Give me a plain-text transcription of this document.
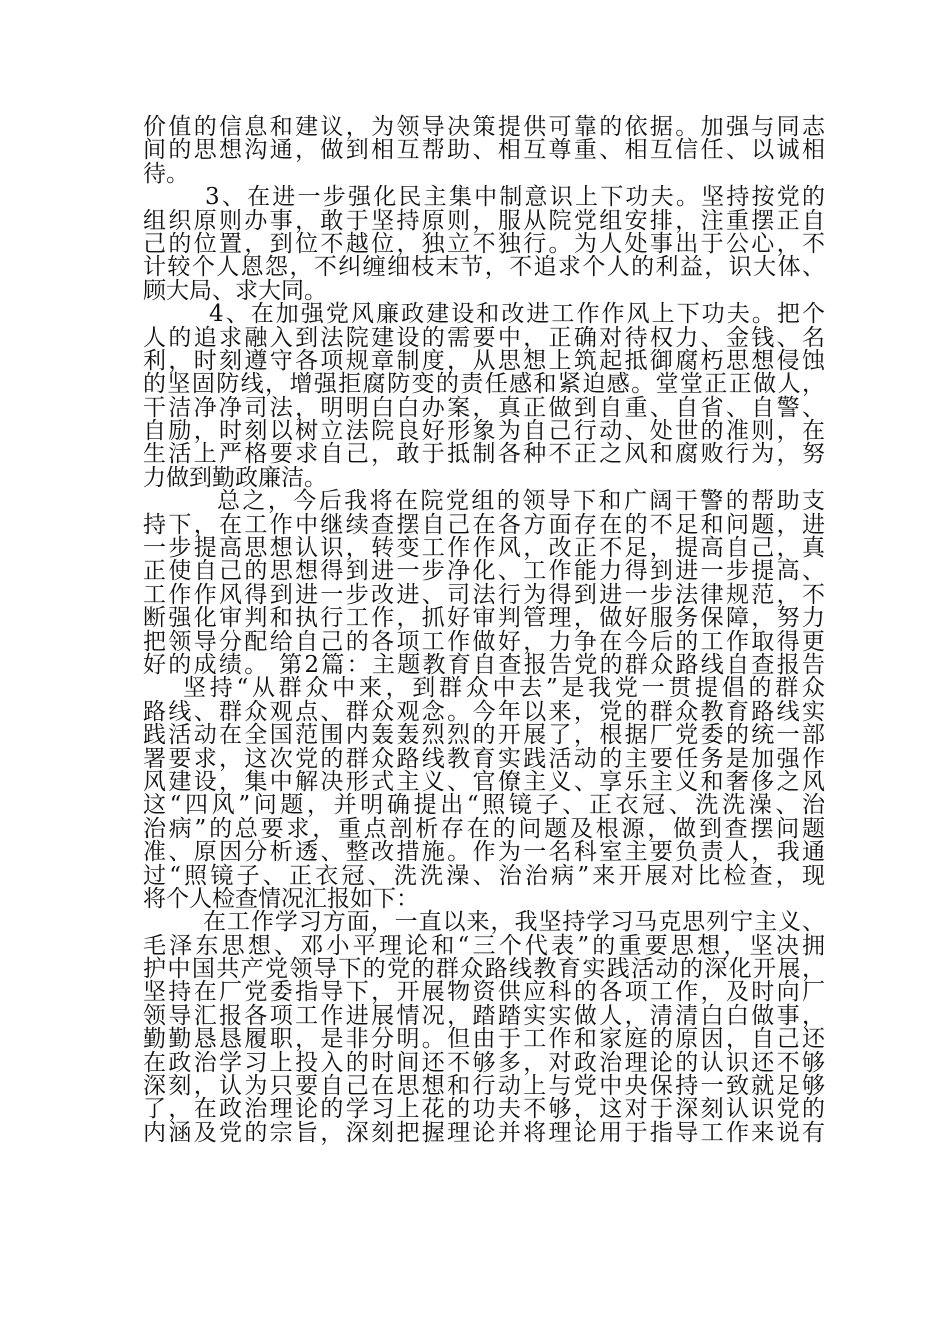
价值的信息和建议，为领导决策提供可靠的依据。加强与同志
间的思想沟通，做到相互帮助、相互尊重、相互信任、以诚相
待。
3、在进一步强化民主集中制意识上下功夫。坚持按党的
组织原则办事，敢于坚持原则，服从院党组安排，注重摆正自
己的位置，到位不越位，独立不独行。为人处事出于公心，不
计较个人恩怨，不纠缠细枝末节，不追求个人的利益，识大体、
顾大局、求大同。
4、在加强党风廉政建设和改进工作作风上下功夫。把个
人的追求融入到法院建设的需要中，正确对待权力、金钱、名
利，时刻遵守各项规章制度，从思想上筑起抵御腐朽思想侵蚀
的坚固防线，增强拒腐防变的责任感和紧迫感。堂堂正正做人，
干洁净净司法，明明白白办案，真正做到自重、自省、自警、
自励，时刻以树立法院良好形象为自己行动、处世的准则，在
生活上严格要求自己，敢于抵制各种不正之风和腐败行为，努
力做到勤政廉洁。
总之，今后我将在院党组的领导下和广阔干警的帮助支
持下，在工作中继续查摆自己在各方面存在的不足和问题，进
一步提高思想认识，转变工作作风，改正不足，提高自己，真
正使自己的思想得到进一步净化、工作能力得到进一步提高、
工作作风得到进一步改进、司法行为得到进一步法律规范，不
断强化审判和执行工作，抓好审判管理，做好服务保障，努力
把领导分配给自己的各项工作做好，力争在今后的工作取得更
好的成绩。 第2篇：主题教育自查报告党的群众路线自查报告
坚持“从群众中来，到群众中去”是我党一贯提倡的群众
路线、群众观点、群众观念。今年以来，党的群众教育路线实
践活动在全国范围内轰轰烈烈的开展了，根据厂党委的统一部
署要求，这次党的群众路线教育实践活动的主要任务是加强作
风建设，集中解决形式主义、官僚主义、享乐主义和奢侈之风
这“四风”问题，并明确提出“照镜子、正衣冠、洗洗澡、治
治病”的总要求，重点剖析存在的问题及根源，做到查摆问题
准、原因分析透、整改措施。作为一名科室主要负责人，我通
过“照镜子、正衣冠、洗洗澡、治治病”来开展对比检查，现
将个人检查情况汇报如下：
在工作学习方面，一直以来，我坚持学习马克思列宁主义、
毛泽东思想、邓小平理论和“三个代表”的重要思想，坚决拥
护中国共产党领导下的党的群众路线教育实践活动的深化开展，
坚持在厂党委指导下，开展物资供应科的各项工作，及时向厂
领导汇报各项工作进展情况，踏踏实实做人，清清白白做事，
勤勤恳恳履职，是非分明。但由于工作和家庭的原因，自己还
在政治学习上投入的时间还不够多，对政治理论的认识还不够
深刻，认为只要自己在思想和行动上与党中央保持一致就足够
了，在政治理论的学习上花的功夫不够，这对于深刻认识党的
内涵及党的宗旨，深刻把握理论并将理论用于指导工作来说有
